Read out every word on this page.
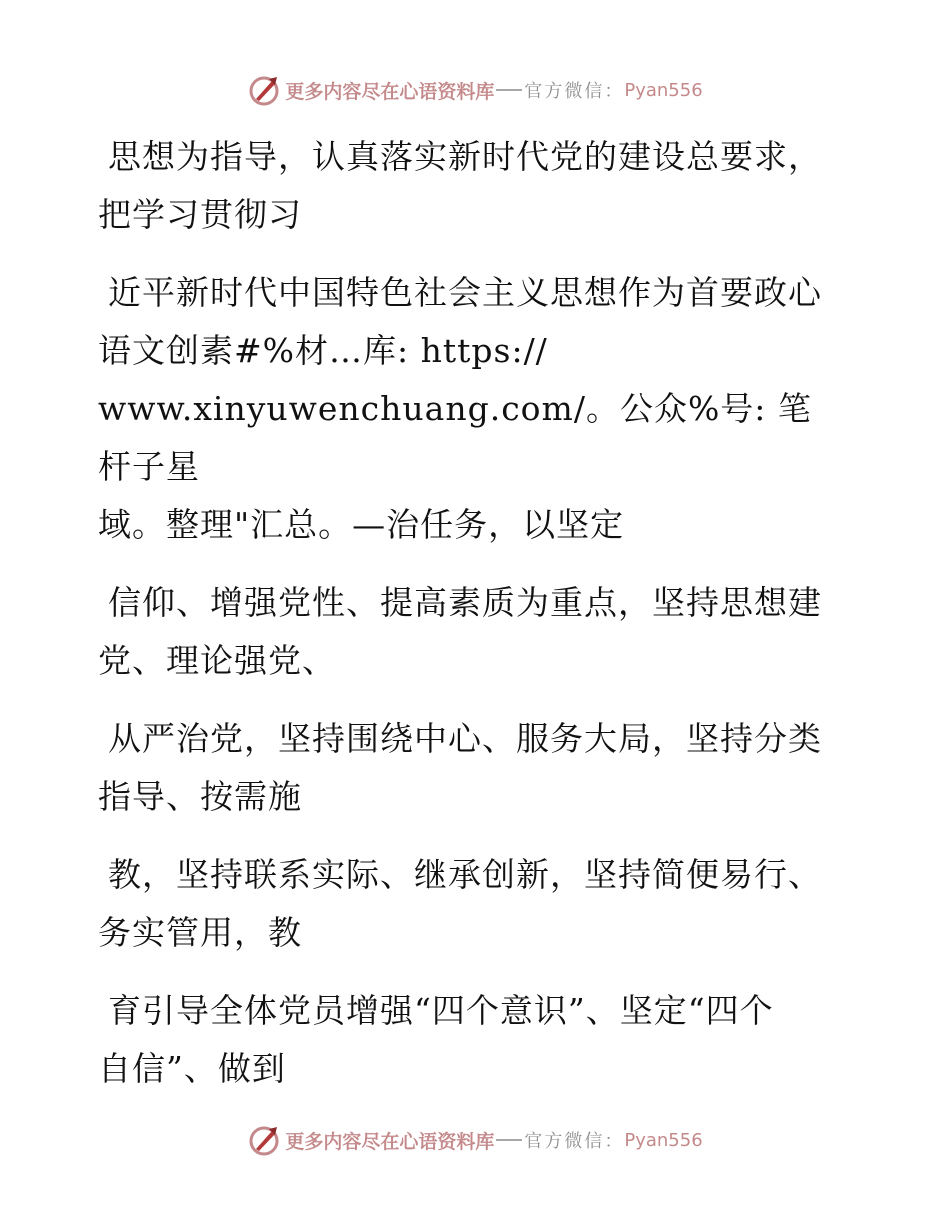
更多内容尽在心语资料库 官方微信： Pyan556

思想为指导，认真落实新时代党的建设总要求，
把学习贯彻习

近平新时代中国特色社会主义思想作为首要政心
语文创素#%材…库: https://
www.xinyuwenchuang.com/。公众%号: 笔杆子星
域。整理"汇总。—治任务，以坚定

信仰、增强党性、提高素质为重点，坚持思想建
党、理论强党、

从严治党，坚持围绕中心、服务大局，坚持分类
指导、按需施

教，坚持联系实际、继承创新，坚持简便易行、
务实管用，教

育引导全体党员增强“四个意识”、坚定“四个
自信”、做到

更多内容尽在心语资料库 官方微信： Pyan556
